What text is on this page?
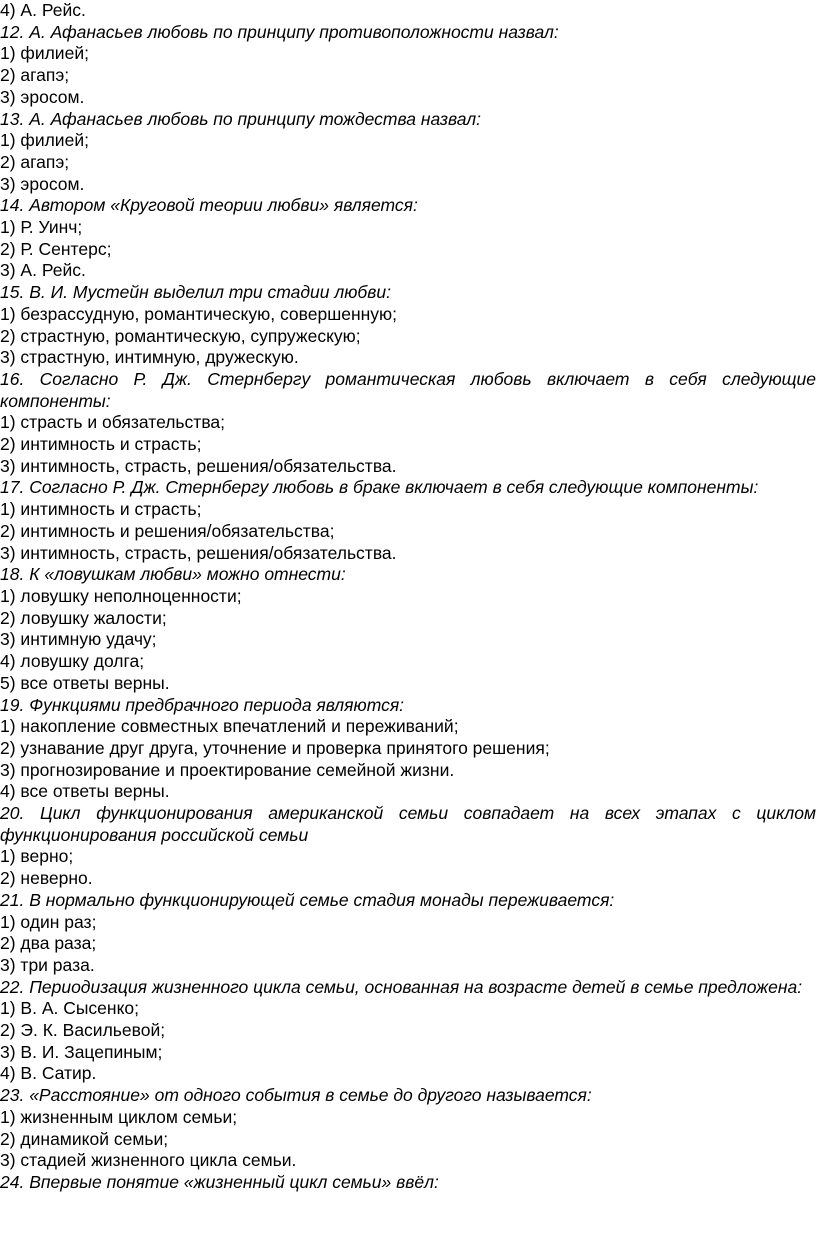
4) А. Рейс.
12. А. Афанасьев любовь по принципу противоположности назвал:
1) филией;
2) агапэ;
3) эросом.
13. А. Афанасьев любовь по принципу тождества назвал:
1) филией;
2) агапэ;
3) эросом.
14. Автором «Круговой теории любви» является:
1) Р. Уинч;
2) Р. Сентерс;
3) А. Рейс.
15. В. И. Мустейн выделил три стадии любви:
1) безрассудную, романтическую, совершенную;
2) страстную, романтическую, супружескую;
3) страстную, интимную, дружескую.
16. Согласно Р. Дж. Стернбергу романтическая любовь включает в себя следующие компоненты:
1) страсть и обязательства;
2) интимность и страсть;
3) интимность, страсть, решения/обязательства.
17. Согласно Р. Дж. Стернбергу любовь в браке включает в себя следующие компоненты:
1) интимность и страсть;
2) интимность и решения/обязательства;
3) интимность, страсть, решения/обязательства.
18. К «ловушкам любви» можно отнести:
1) ловушку неполноценности;
2) ловушку жалости;
3) интимную удачу;
4) ловушку долга;
5) все ответы верны.
19. Функциями предбрачного периода являются:
1) накопление совместных впечатлений и переживаний;
2) узнавание друг друга, уточнение и проверка принятого решения;
3) прогнозирование и проектирование семейной жизни.
4) все ответы верны.
20. Цикл функционирования американской семьи совпадает на всех этапах с циклом функционирования российской семьи
1) верно;
2) неверно.
21. В нормально функционирующей семье стадия монады переживается:
1) один раз;
2) два раза;
3) три раза.
22. Периодизация жизненного цикла семьи, основанная на возрасте детей в семье предложена:
1) В. А. Сысенко;
2) Э. К. Васильевой;
3) В. И. Зацепиным;
4) В. Сатир.
23. «Расстояние» от одного события в семье до другого называется:
1) жизненным циклом семьи;
2) динамикой семьи;
3) стадией жизненного цикла семьи.
24. Впервые понятие «жизненный цикл семьи» ввёл:
